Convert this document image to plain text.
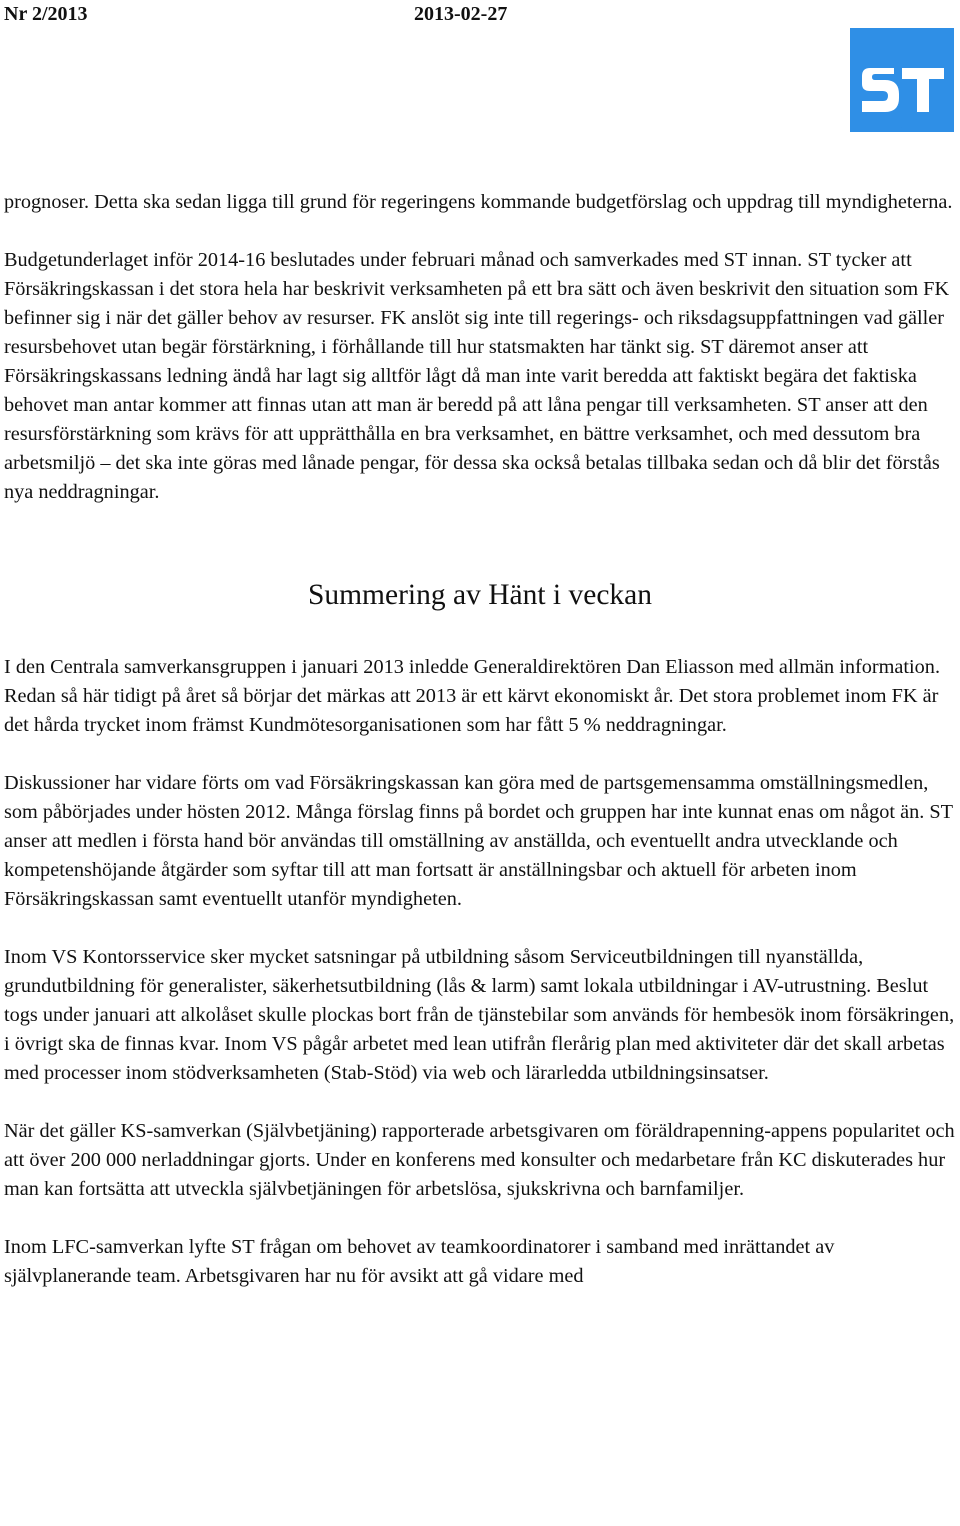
Nr 2/2013	2013-02-27
ST

prognoser. Detta ska sedan ligga till grund för regeringens kommande budgetförslag och uppdrag till myndigheterna.

Budgetunderlaget inför 2014-16 beslutades under februari månad och samverkades med ST innan. ST tycker att Försäkringskassan i det stora hela har beskrivit verksamheten på ett bra sätt och även beskrivit den situation som FK befinner sig i när det gäller behov av resurser. FK anslöt sig inte till regerings- och riksdagsuppfattningen vad gäller resursbehovet utan begär förstärkning, i förhållande till hur statsmakten har tänkt sig. ST däremot anser att Försäkringskassans ledning ändå har lagt sig alltför lågt då man inte varit beredda att faktiskt begära det faktiska behovet man antar kommer att finnas utan att man är beredd på att låna pengar till verksamheten. ST anser att den resursförstärkning som krävs för att upprätthålla en bra verksamhet, en bättre verksamhet, och med dessutom bra arbetsmiljö – det ska inte göras med lånade pengar, för dessa ska också betalas tillbaka sedan och då blir det förstås nya neddragningar.

Summering av Hänt i veckan

I den Centrala samverkansgruppen i januari 2013 inledde Generaldirektören Dan Eliasson med allmän information. Redan så här tidigt på året så börjar det märkas att 2013 är ett kärvt ekonomiskt år. Det stora problemet inom FK är det hårda trycket inom främst Kundmötesorganisationen som har fått 5 % neddragningar.

Diskussioner har vidare förts om vad Försäkringskassan kan göra med de partsgemensamma omställningsmedlen, som påbörjades under hösten 2012. Många förslag finns på bordet och gruppen har inte kunnat enas om något än. ST anser att medlen i första hand bör användas till omställning av anställda, och eventuellt andra utvecklande och kompetenshöjande åtgärder som syftar till att man fortsatt är anställningsbar och aktuell för arbeten inom Försäkringskassan samt eventuellt utanför myndigheten.

Inom VS Kontorsservice sker mycket satsningar på utbildning såsom Serviceutbildningen till nyanställda, grundutbildning för generalister, säkerhetsutbildning (lås & larm) samt lokala utbildningar i AV-utrustning. Beslut togs under januari att alkolåset skulle plockas bort från de tjänstebilar som används för hembesök inom försäkringen, i övrigt ska de finnas kvar. Inom VS pågår arbetet med lean utifrån flerårig plan med aktiviteter där det skall arbetas med processer inom stödverksamheten (Stab-Stöd) via web och lärarledda utbildningsinsatser.

När det gäller KS-samverkan (Självbetjäning) rapporterade arbetsgivaren om föräldrapenning-appens popularitet och att över 200 000 nerladdningar gjorts. Under en konferens med konsulter och medarbetare från KC diskuterades hur man kan fortsätta att utveckla självbetjäningen för arbetslösa, sjukskrivna och barnfamiljer.

Inom LFC-samverkan lyfte ST frågan om behovet av teamkoordinatorer i samband med inrättandet av självplanerande team. Arbetsgivaren har nu för avsikt att gå vidare med
